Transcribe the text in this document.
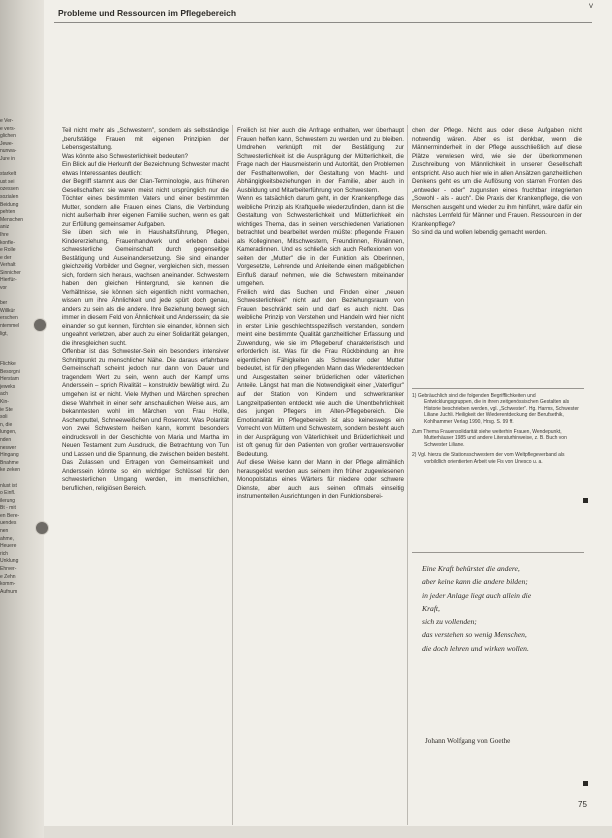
e Ver-
e vers-
glichen
Jewe-
nunwa-
Jure in

starkelt
ust sei
ozessen
sozialen
Beidung
pehten
Menschen
aniz
Ihre
konfle-
e Rolle
e der
Verhalt
Sinnicher
Hierfür-
vor

ber
Willkür
erschen
ntemmel
ligt,

Flichke
Besorgni
Herstam
jeweks
ach
Kin-
ie Ste
soli
n, die
lungen,
nden
neswer
Hingang
Bnahme
ke zeken

nlust ist
o Einfl.
ilerung
Bt - mit
en Bere-
uendes
nen
ahme,
Heuere
rich
Unklung
Ehrver-
e Zehn
komm-
Aufnum
Probleme und Ressourcen im Pflegebereich
V

Teil nicht mehr als „Schwestern", sondern als selbständige „berufstätige Frauen mit eigenen Prinzipien der Lebensgestaltung.

Was könnte also Schwesterlichkeit bedeuten?

Ein Blick auf die Herkunft der Bezeichnung Schwester macht etwas Interessantes deutlich:

der Begriff stammt aus der Clan-Terminologie, aus früheren Gesellschaften: sie waren meist nicht ursprünglich nur die Töchter eines bestimmten Vaters und einer bestimmten Mutter, sondern alle Frauen eines Clans, die Verbindung nicht außerhalb ihrer eigenen Familie suchen, wenn es galt zur Erfüllung gemeinsamer Aufgaben.

Sie üben sich wie in Haushaltsführung, Pflegen, Kindererziehung, Frauenhandwerk und erleben dabei schwesterliche Gemeinschaft durch gegenseitige Bestätigung und Auseinandersetzung. Sie sind einander gleichzeitig Vorbilder und Gegner, vergleichen sich, messen sich, fordern sich heraus, wachsen aneinander. Schwestern haben den gleichen Hintergrund, sie kennen die Verhältnisse, sie können sich eigentlich nicht vormachen, wissen um ihre Ähnlichkeit und jede spürt doch genau, anders zu sein als die andere. Ihre Beziehung bewegt sich immer in diesem Feld von Ähnlichkeit und Anderssein; da sie einander so gut kennen, fürchten sie einander, können sich ungeahnt verletzen, aber auch zu einer Solidarität gelangen, die ihresgleichen sucht.

Offenbar ist das Schwester-Sein ein besonders intensiver Schnittpunkt zu menschlicher Nähe. Die daraus erfahrbare Gemeinschaft scheint jedoch nur dann von Dauer und tragendem Wert zu sein, wenn auch der Kampf ums Anderssein – sprich Rivalität – konstruktiv bewältigt wird. Zu umgehen ist er nicht. Viele Mythen und Märchen sprechen diese Wahrheit in einer sehr anschaulichen Weise aus, am bekanntesten wohl im Märchen von Frau Holle, Aschenputtel, Schneeweißchen und Rosenrot. Was Polarität von zwei Schwestern heißen kann, kommt besonders eindrucksvoll in der Geschichte von Maria und Martha im Neuen Testament zum Ausdruck, die Betrachtung von Tun und Lassen und die Spannung, die zwischen beiden besteht. Das Zulassen und Ertragen von Gemeinsamkeit und Anderssein könnte so ein wichtiger Schlüssel für den schwesterlichen Umgang werden, im menschlichen, beruflichen, religiösen Bereich.

Freilich ist hier auch die Anfrage enthalten, wer überhaupt Frauen helfen kann, Schwestern zu werden und zu bleiben. Umdrehen verknüpft mit der Bestätigung zur Schwesterlichkeit ist die Ausprägung der Mütterlichkeit, die Frage nach der Hausmeisterin und Autorität, den Problemen der Festhaltenwollen, der Gestaltung von Macht- und Abhängigkeitsbeziehungen in der Familie, aber auch in Ausbildung und Mitarbeiterführung von Schwestern.

Wenn es tatsächlich darum geht, in der Krankenpflege das weibliche Prinzip als Kraftquelle wiederzufinden, dann ist die Gestaltung von Schwesterlichkeit und Mütterlichkeit ein wichtiges Thema, das in seinen verschiedenen Variationen betrachtet und bearbeitet werden müßte: pflegende Frauen als Kolleginnen, Mitschwestern, Freundinnen, Rivalinnen, Kameradinnen. Und es schließe sich auch Reflexionen von seiten der „Mutter" die in der Funktion als Oberinnen, Vorgesetzte, Lehrende und Anleitende einen maßgeblichen Einfluß darauf nehmen, wie die Schwestern miteinander umgehen.

Freilich wird das Suchen und Finden einer „neuen Schwesterlichkeit" nicht auf den Beziehungsraum von Frauen beschränkt sein und darf es auch nicht. Das weibliche Prinzip von Verstehen und Handeln wird hier nicht in erster Linie geschlechtsspezifisch verstanden, sondern meint eine bestimmte Qualität ganzheitlicher Erfassung und Zuwendung, wie sie im Pflegeberuf charakteristisch und erforderlich ist. Was für die Frau Rückbindung an ihre eigentlichen Fähigkeiten als Schwester oder Mutter bedeutet, ist für den pflegenden Mann das Wiederentdecken und Ausgestalten seiner brüderlichen oder väterlichen Anteile. Längst hat man die Notwendigkeit einer „Vaterfigur" auf der Station von Kindern und schwerkranker Langzeitpatienten entdeckt wie auch die Unentbehrlichkeit des jungen Pflegers im Alten-Pflegebereich. Die Emotionalität im Pflegebereich ist also keineswegs ein Vorrecht von Müttern und Schwestern, sondern besteht auch in der Ausprägung von Väterlichkeit und Brüderlichkeit und ist oft genug für den Patienten von großer vertrauensvoller Bedeutung.

Auf diese Weise kann der Mann in der Pflege allmählich herausgelöst werden aus seinem ihm früher zugewiesenen Monopolstatus eines Wärters für niedere oder schwere Dienste, aber auch aus seinen oftmals einseitig instrumentellen Ausrichtungen in den Funktionsberei-

chen der Pflege. Nicht aus oder diese Aufgaben nicht notwendig wären. Aber es ist denkbar, wenn die Männerminderheit in der Pflege ausschließlich auf diese Plätze verwiesen wird, wie sie der überkommenen Zuschreibung von Männlichkeit in unserer Gesellschaft entspricht. Also auch hier wie in allen Ansätzen ganzheitlichen Denkens geht es um die Auflösung von starren Fronten des „entweder - oder" zugunsten eines fruchtbar integrierten „Sowohl - als - auch". Die Praxis der Krankenpflege, die von Menschen ausgeht und wieder zu ihm hinführt, wäre dafür ein nächstes Lernfeld für Männer und Frauen. Ressourcen in der Krankenpflege?

So sind da und wollen lebendig gemacht werden.

1) Gebräuchlich sind die folgenden Begrifflichkeiten und Entwicklungsgruppen, die in ihren zeitgenössischen Gestalten als Historie beschrieben werden, vgl. „Schwester". Hg. Harms, Schwester Liliane Juchli. Heiligkeit der Wiederentdeckung der Berufsethik, Kohlhammer Verlag 1990, Hrsg. S. 99 ff.

Zum Thema Frauensolidarität siehe weiterhin Frauen, Wendepunkt, Mutterhäuser 1985 und andere Literaturhinweise, z. B. Buch von Schwester Liliane.

2) Vgl. hierzu die Stationsschwestern der vom Weltpflegeverband als vorbildlich orientierten Arbeit wie Fis von Unesco u. a.

Eine Kraft behürstet die andere,
aber keine kann die andere bilden;
in jeder Anlage liegt auch allein die
Kraft,
sich zu vollenden;
das verstehen so wenig Menschen,
die doch lehren und wirken wollen.
Johann Wolfgang von Goethe
75
